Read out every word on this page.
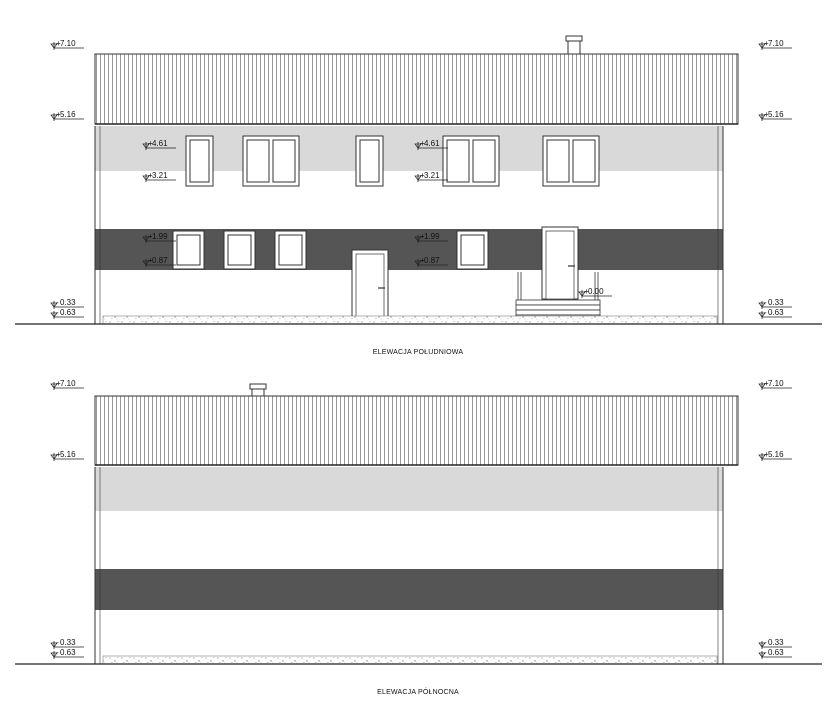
+ 7.10
+ 5.16
- 0.33
- 0.63
+ 7.10
+ 5.16
- 0.33
- 0.63
+ 4.61
+ 3.21
+ 1.99
+ 0.87
+ 4.61
+ 3.21
+ 1.99
+ 0.87
+ 0.00
ELEWACJA POŁUDNIOWA
+ 7.10
+ 5.16
- 0.33
- 0.63
+ 7.10
+ 5.16
- 0.33
- 0.63
ELEWACJA PÓŁNOCNA
